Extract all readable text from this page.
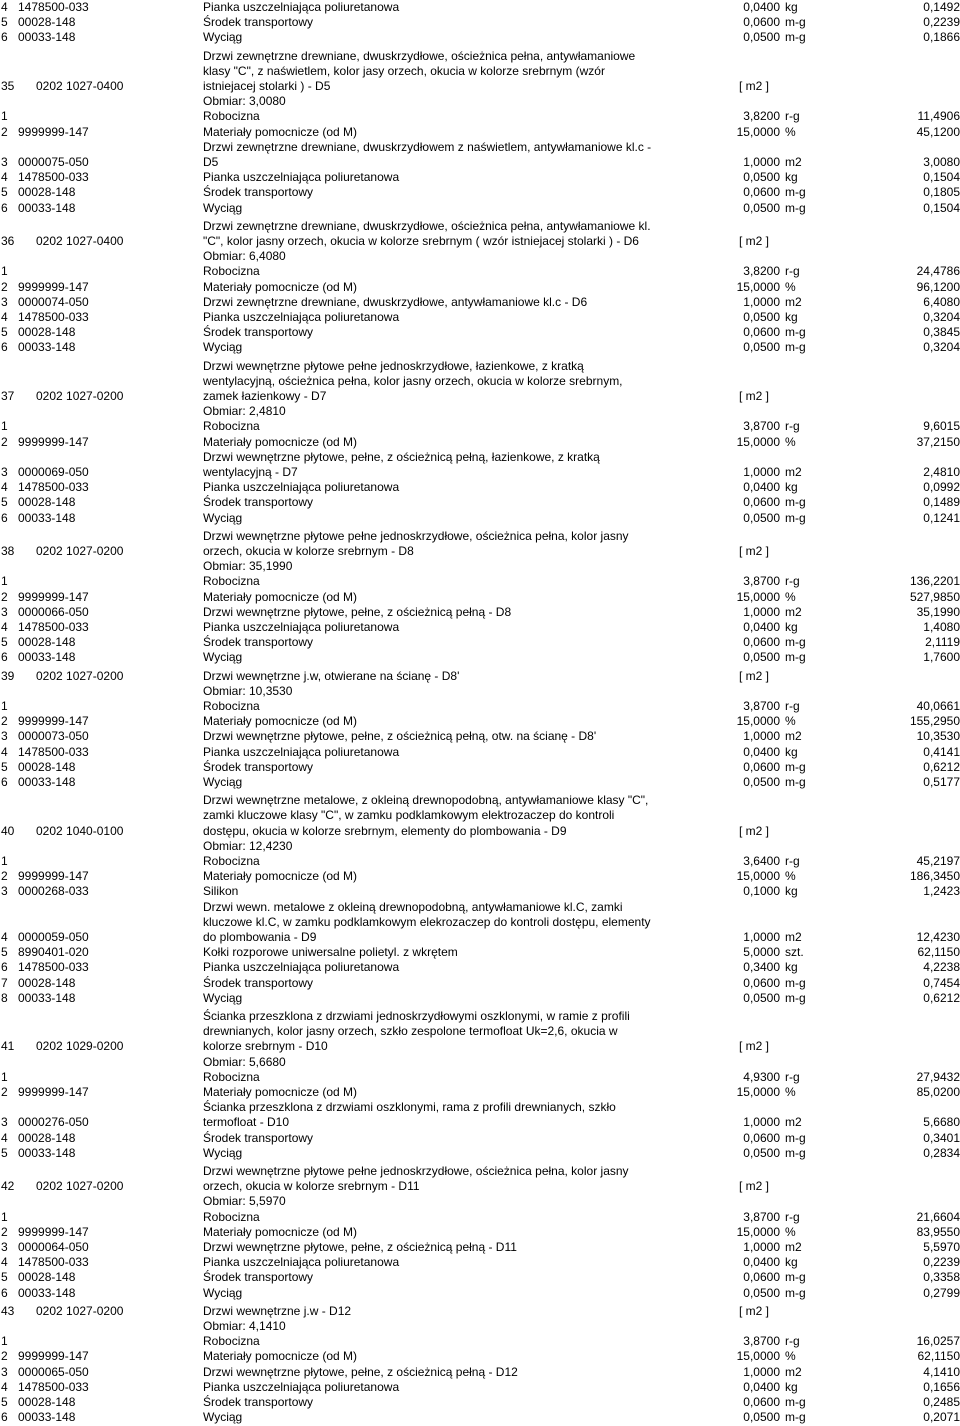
4 1478500-033	Pianka uszczelniająca poliuretanowa	0,0400 kg	0,1492
5 00028-148	Środek transportowy	0,0600 m-g	0,2239
6 00033-148	Wyciąg	0,0500 m-g	0,1866
35 0202 1027-0400
Drzwi zewnętrzne drewniane, dwuskrzydłowe, ościeżnica pełna, antywłamaniowe
klasy "C", z naświetlem, kolor jasy orzech, okucia w kolorze srebrnym (wzór
istniejacej stolarki ) - D5	[ m2 ]
Obmiar: 3,0080
1	Robocizna	3,8200 r-g	11,4906
2 9999999-147	Materiały pomocnicze (od M)	15,0000 %	45,1200
3 0000075-050
Drzwi zewnętrzne drewniane, dwuskrzydłowem z naświetlem, antywłamaniowe kl.c -
D5	1,0000 m2	3,0080
4 1478500-033	Pianka uszczelniająca poliuretanowa	0,0500 kg	0,1504
5 00028-148	Środek transportowy	0,0600 m-g	0,1805
6 00033-148	Wyciąg	0,0500 m-g	0,1504
36 0202 1027-0400
Drzwi zewnętrzne drewniane, dwuskrzydłowe, ościeżnica pełna, antywłamaniowe kl.
"C", kolor jasny orzech, okucia w kolorze srebrnym ( wzór istniejacej stolarki ) - D6	[ m2 ]
Obmiar: 6,4080
1	Robocizna	3,8200 r-g	24,4786
2 9999999-147	Materiały pomocnicze (od M)	15,0000 %	96,1200
3 0000074-050	Drzwi zewnętrzne drewniane, dwuskrzydłowe, antywłamaniowe kl.c - D6	1,0000 m2	6,4080
4 1478500-033	Pianka uszczelniająca poliuretanowa	0,0500 kg	0,3204
5 00028-148	Środek transportowy	0,0600 m-g	0,3845
6 00033-148	Wyciąg	0,0500 m-g	0,3204
37 0202 1027-0200
Drzwi wewnętrzne płytowe pełne jednoskrzydłowe, łazienkowe, z kratką
wentylacyjną, ościeżnica pełna, kolor jasny orzech, okucia w kolorze srebrnym,
zamek łazienkowy - D7	[ m2 ]
Obmiar: 2,4810
1	Robocizna	3,8700 r-g	9,6015
2 9999999-147	Materiały pomocnicze (od M)	15,0000 %	37,2150
3 0000069-050
Drzwi wewnętrzne płytowe, pełne, z ościeżnicą pełną, łazienkowe, z kratką
wentylacyjną - D7	1,0000 m2	2,4810
4 1478500-033	Pianka uszczelniająca poliuretanowa	0,0400 kg	0,0992
5 00028-148	Środek transportowy	0,0600 m-g	0,1489
6 00033-148	Wyciąg	0,0500 m-g	0,1241
38 0202 1027-0200
Drzwi wewnętrzne płytowe pełne jednoskrzydłowe, ościeżnica pełna, kolor jasny
orzech, okucia w kolorze srebrnym - D8	[ m2 ]
Obmiar: 35,1990
1	Robocizna	3,8700 r-g	136,2201
2 9999999-147	Materiały pomocnicze (od M)	15,0000 %	527,9850
3 0000066-050	Drzwi wewnętrzne płytowe, pełne, z ościeżnicą pełną - D8	1,0000 m2	35,1990
4 1478500-033	Pianka uszczelniająca poliuretanowa	0,0400 kg	1,4080
5 00028-148	Środek transportowy	0,0600 m-g	2,1119
6 00033-148	Wyciąg	0,0500 m-g	1,7600
39 0202 1027-0200	Drzwi wewnętrzne j.w, otwierane na ścianę - D8'	[ m2 ]
Obmiar: 10,3530
1	Robocizna	3,8700 r-g	40,0661
2 9999999-147	Materiały pomocnicze (od M)	15,0000 %	155,2950
3 0000073-050	Drzwi wewnętrzne płytowe, pełne, z ościeżnicą pełną, otw. na ścianę - D8'	1,0000 m2	10,3530
4 1478500-033	Pianka uszczelniająca poliuretanowa	0,0400 kg	0,4141
5 00028-148	Środek transportowy	0,0600 m-g	0,6212
6 00033-148	Wyciąg	0,0500 m-g	0,5177
40 0202 1040-0100
Drzwi wewnętrzne metalowe, z okleiną drewnopodobną, antywłamaniowe klasy "C",
zamki kluczowe klasy "C", w zamku podklamkowym elektrozaczep do kontroli
dostępu, okucia w kolorze srebrnym, elementy do plombowania - D9	[ m2 ]
Obmiar: 12,4230
1	Robocizna	3,6400 r-g	45,2197
2 9999999-147	Materiały pomocnicze (od M)	15,0000 %	186,3450
3 0000268-033	Silikon	0,1000 kg	1,2423
4 0000059-050
Drzwi wewn. metalowe z okleiną drewnopodobną, antywłamaniowe kl.C, zamki
kluczowe kl.C, w zamku podklamkowym elekrozaczep do kontroli dostępu, elementy
do plombowania - D9	1,0000 m2	12,4230
5 8990401-020	Kołki rozporowe uniwersalne polietyl. z wkrętem	5,0000 szt.	62,1150
6 1478500-033	Pianka uszczelniająca poliuretanowa	0,3400 kg	4,2238
7 00028-148	Środek transportowy	0,0600 m-g	0,7454
8 00033-148	Wyciąg	0,0500 m-g	0,6212
41 0202 1029-0200
Ścianka przeszklona z drzwiami jednoskrzydłowymi oszklonymi, w ramie z profili
drewnianych, kolor jasny orzech, szkło zespolone termofloat Uk=2,6, okucia w
kolorze srebrnym - D10	[ m2 ]
Obmiar: 5,6680
1	Robocizna	4,9300 r-g	27,9432
2 9999999-147	Materiały pomocnicze (od M)	15,0000 %	85,0200
3 0000276-050
Ścianka przeszklona z drzwiami oszklonymi, rama z profili drewnianych, szkło
termofloat - D10	1,0000 m2	5,6680
4 00028-148	Środek transportowy	0,0600 m-g	0,3401
5 00033-148	Wyciąg	0,0500 m-g	0,2834
42 0202 1027-0200
Drzwi wewnętrzne płytowe pełne jednoskrzydłowe, ościeżnica pełna, kolor jasny
orzech, okucia w kolorze srebrnym - D11	[ m2 ]
Obmiar: 5,5970
1	Robocizna	3,8700 r-g	21,6604
2 9999999-147	Materiały pomocnicze (od M)	15,0000 %	83,9550
3 0000064-050	Drzwi wewnętrzne płytowe, pełne, z ościeżnicą pełną - D11	1,0000 m2	5,5970
4 1478500-033	Pianka uszczelniająca poliuretanowa	0,0400 kg	0,2239
5 00028-148	Środek transportowy	0,0600 m-g	0,3358
6 00033-148	Wyciąg	0,0500 m-g	0,2799
43 0202 1027-0200	Drzwi wewnętrzne j.w - D12	[ m2 ]
Obmiar: 4,1410
1	Robocizna	3,8700 r-g	16,0257
2 9999999-147	Materiały pomocnicze (od M)	15,0000 %	62,1150
3 0000065-050	Drzwi wewnętrzne płytowe, pełne, z ościeżnicą pełną - D12	1,0000 m2	4,1410
4 1478500-033	Pianka uszczelniająca poliuretanowa	0,0400 kg	0,1656
5 00028-148	Środek transportowy	0,0600 m-g	0,2485
6 00033-148	Wyciąg	0,0500 m-g	0,2071
